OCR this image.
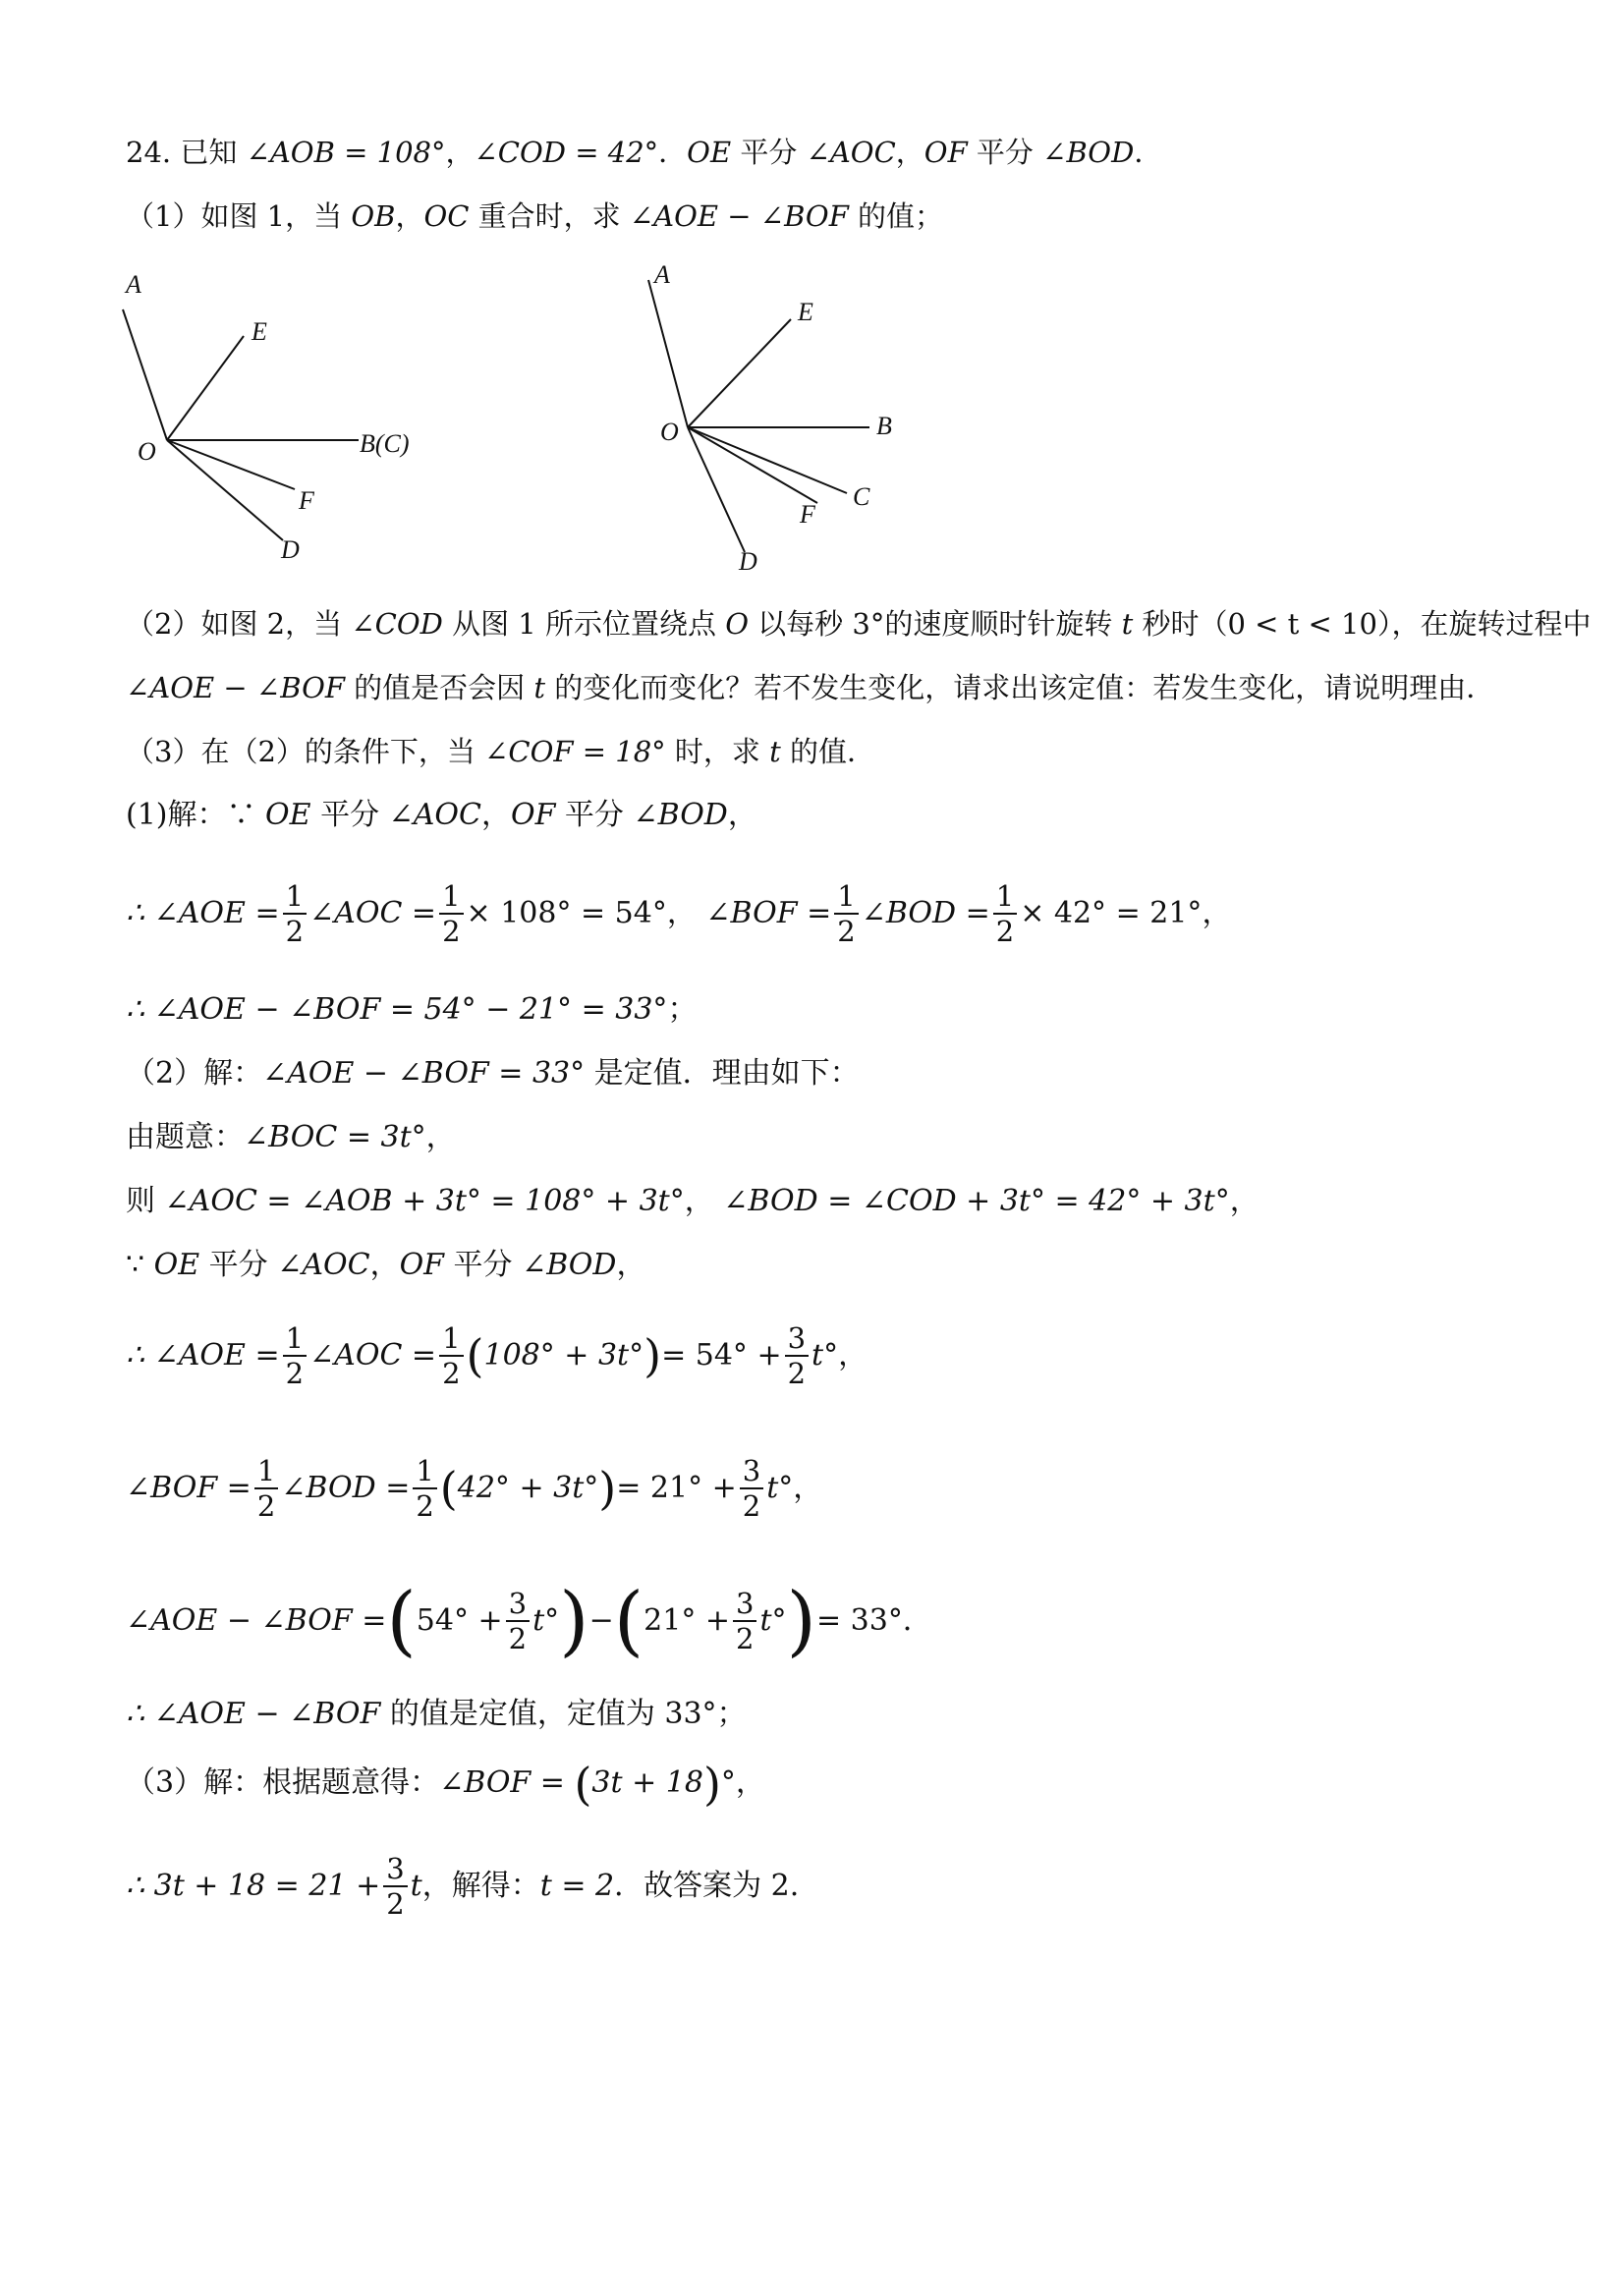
24. 已知 ∠AOB = 108°，∠COD = 42°．OE 平分 ∠AOC，OF 平分 ∠BOD．
（1）如图 1，当 OB，OC 重合时，求 ∠AOE − ∠BOF 的值；
A
E
O	B(C)
F
D
A
E
O	B
C
F
D
（2）如图 2，当 ∠COD 从图 1 所示位置绕点 O 以每秒 3°的速度顺时针旋转 t 秒时（0 < t < 10），在旋转过程中
∠AOE − ∠BOF 的值是否会因 t 的变化而变化？若不发生变化，请求出该定值：若发生变化，请说明理由．
（3）在（2）的条件下，当 ∠COF = 18° 时，求 t 的值．
(1)解：∵ OE 平分 ∠AOC，OF 平分 ∠BOD，
∴ ∠AOE = $\frac{1}{2}$ ∠AOC = $\frac{1}{2} \times 108^\circ = 54^\circ$ ，
∠BOF = $\frac{1}{2}$ ∠BOD = $\frac{1}{2} \times 42^\circ = 21^\circ$ ，
∴ ∠AOE − ∠BOF = 54° − 21° = 33°；
（2）解：∠AOE − ∠BOF = 33° 是定值．理由如下：
由题意：∠BOC = 3t°，
则 ∠AOC = ∠AOB + 3t° = 108° + 3t°， ∠BOD = ∠COD + 3t° = 42° + 3t°，
∵ OE 平分 ∠AOC，OF 平分 ∠BOD，
∴ ∠AOE = $\frac{1}{2}$ ∠AOC = $\frac{1}{2}$ ( 108° + 3t° ) = $54^\circ + \frac{3}{2} t^\circ$ ，
∠BOF = $\frac{1}{2}$ ∠BOD = $\frac{1}{2}$ ( 42° + 3t° ) = $21^\circ + \frac{3}{2} t^\circ$ ，
∠AOE − ∠BOF = ( $54^\circ + \frac{3}{2} t^\circ$ ) − ( $21^\circ + \frac{3}{2} t^\circ$ ) = 33° ．
∴ ∠AOE − ∠BOF 的值是定值，定值为 33°；
（3）解：根据题意得：∠BOF = (3t + 18)°，
∴ $3t + 18 = 21 + \frac{3}{2}$ t ，解得： t = 2 ．故答案为 2.
